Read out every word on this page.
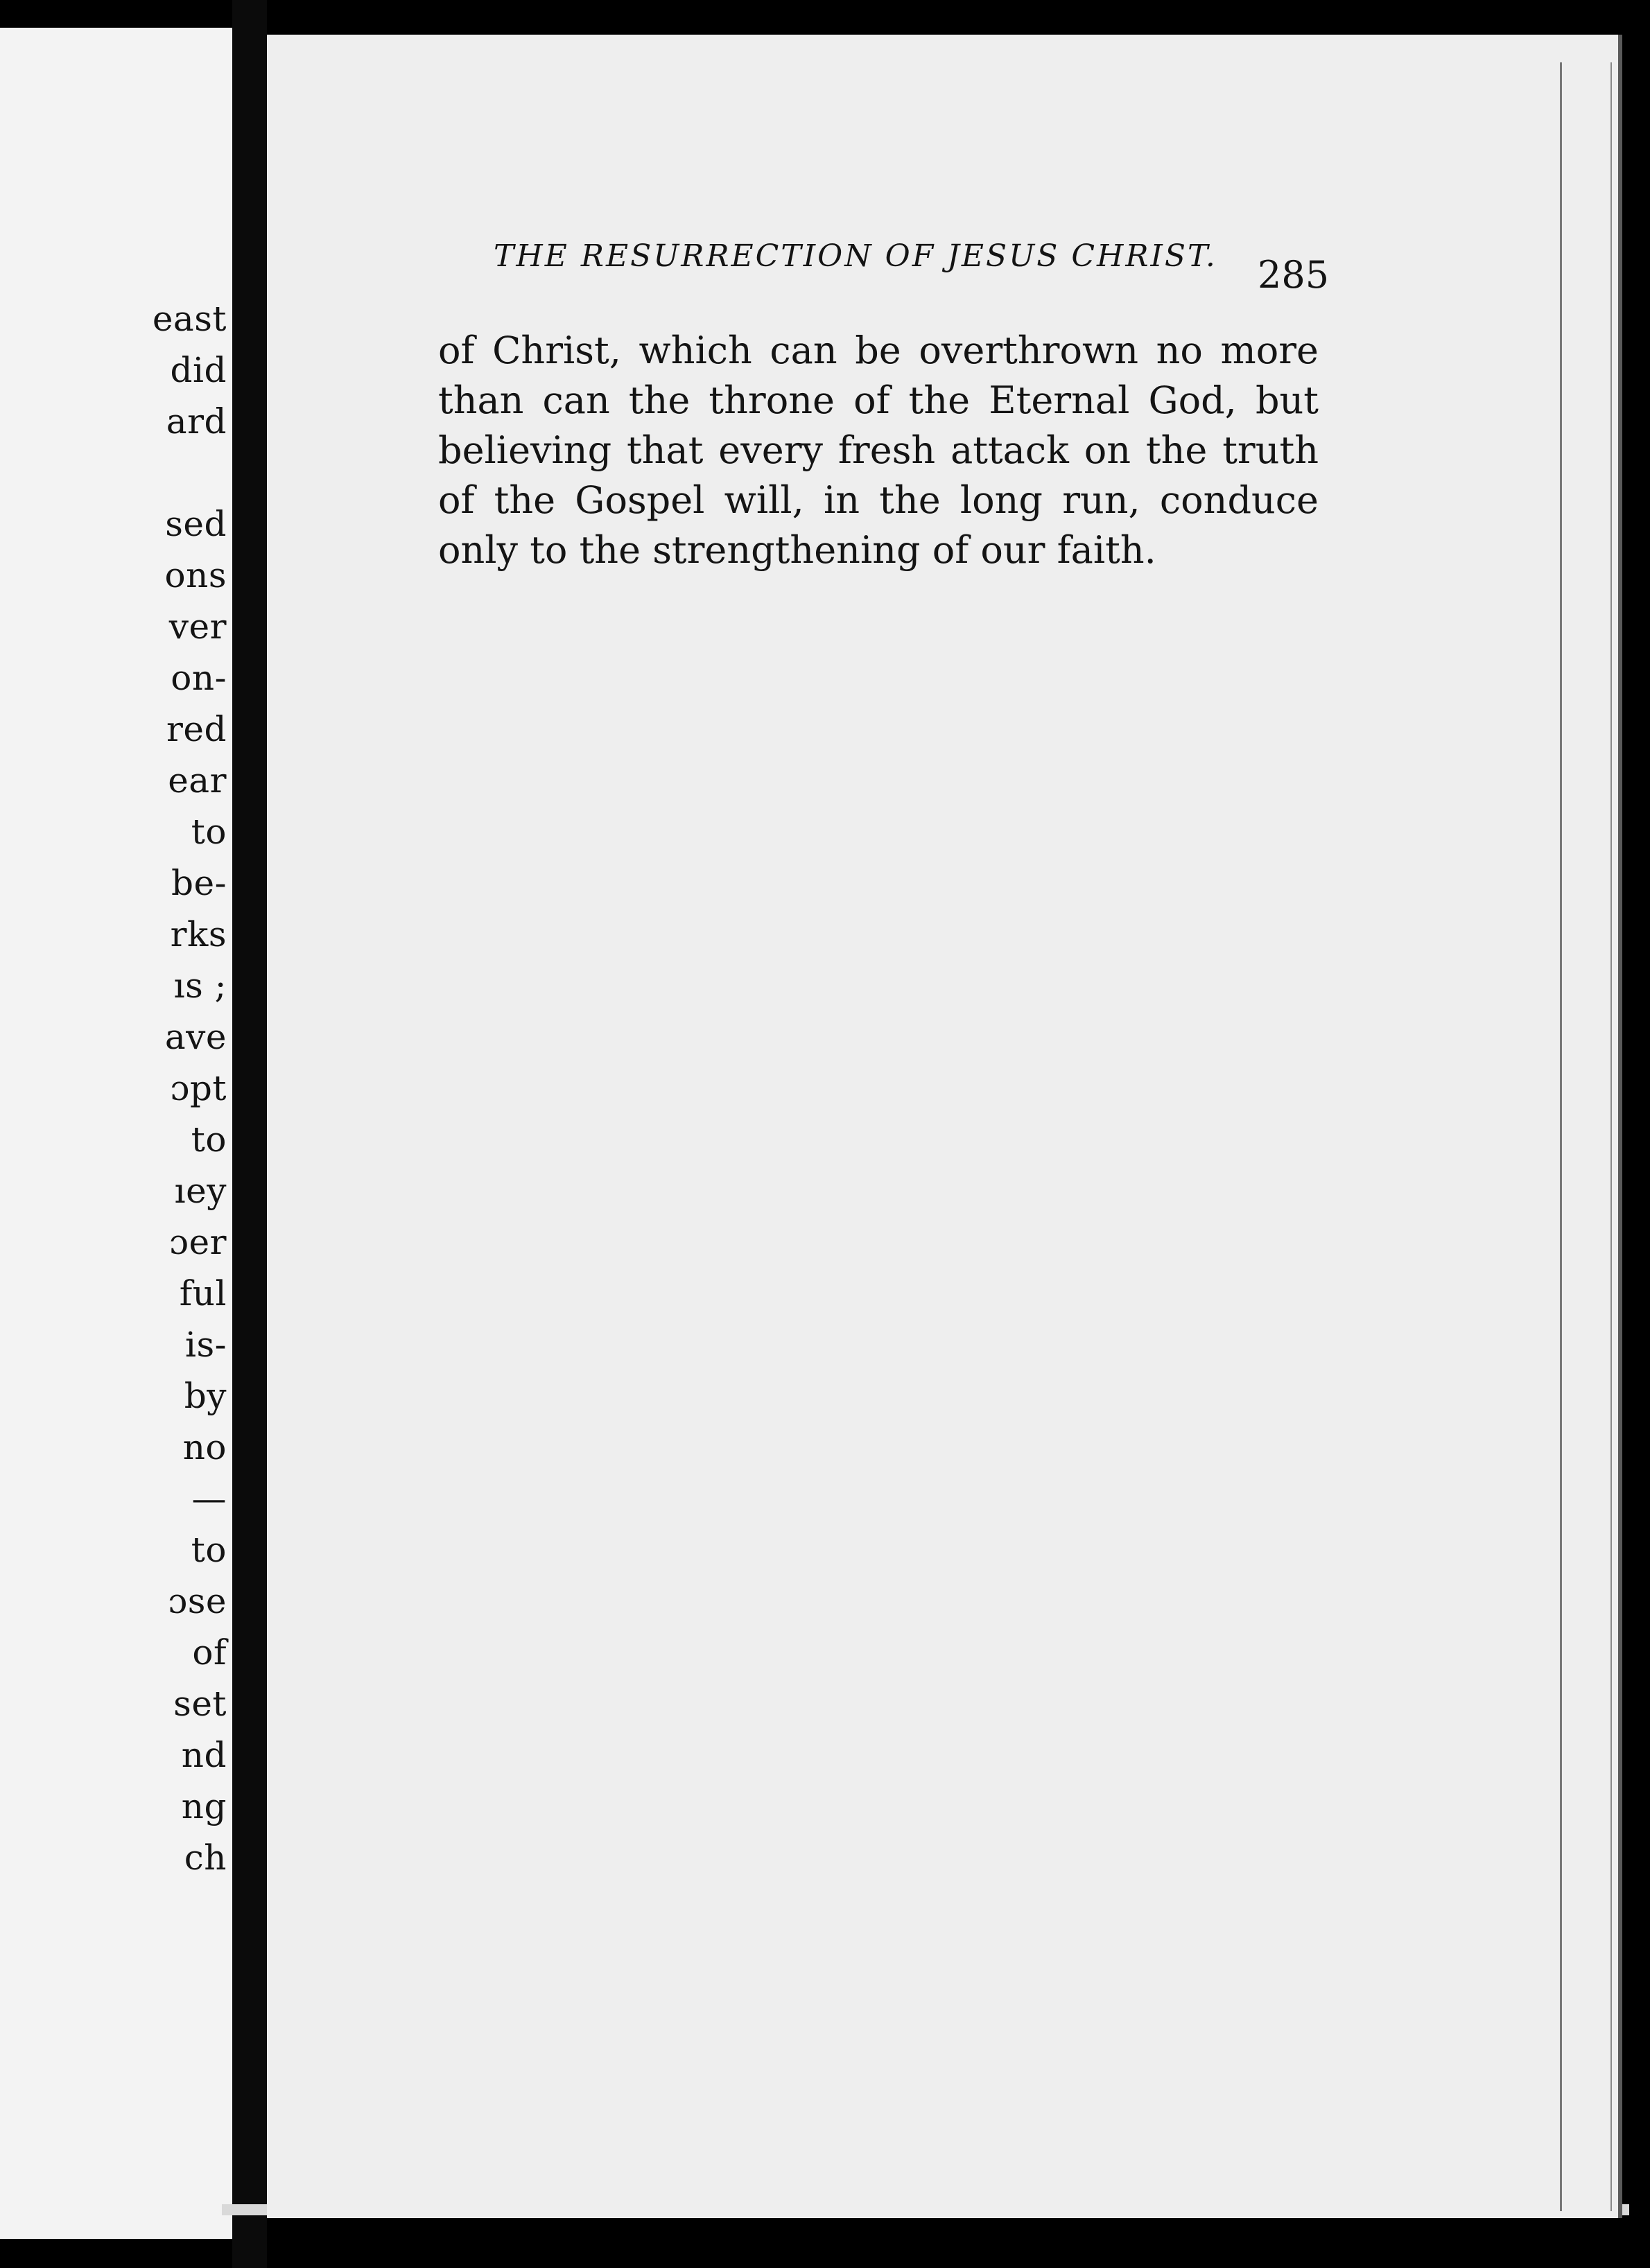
east
did
ard
sed
ons
ver
on-
red
ear
to
be-
rks
ıs ;
ave
ɔpt
to
ıey
ɔer
ful
is-
by
no
—
to
ɔse
of
set
nd
ng
ch
THE RESURRECTION OF JESUS CHRIST.	285
of Christ, which can be overthrown no more
than can the throne of the Eternal God, but
believing that every fresh attack on the truth
of the Gospel will, in the long run, conduce
only to the strengthening of our faith.
